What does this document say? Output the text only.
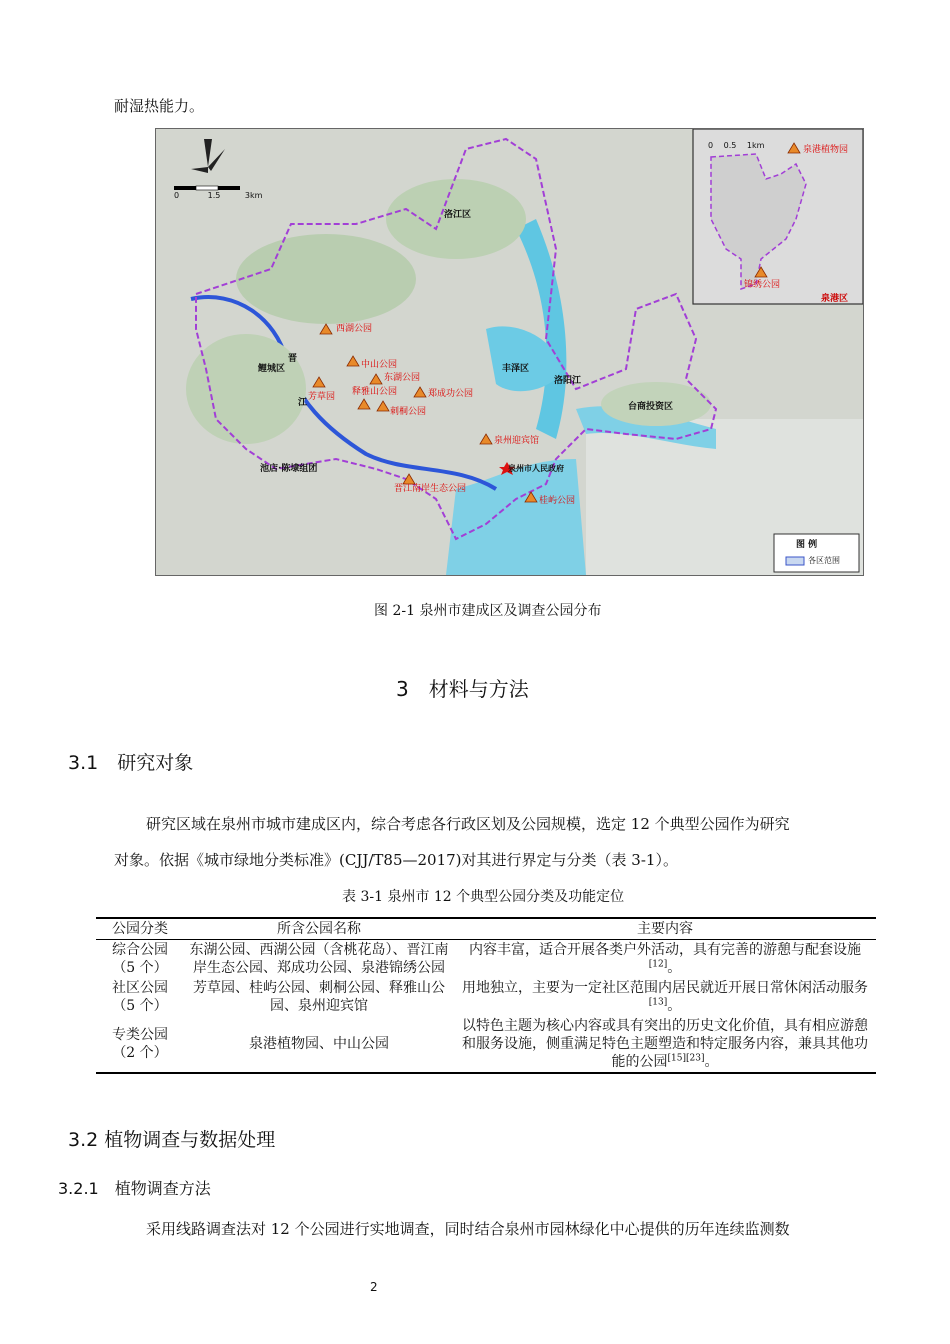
耐湿热能力。
0	1.5	3km
0 0.5 1km
洛江区
丰泽区
鲤城区
晋
江	台商投资区
池店·陈埭组团
泉港区
洛阳江
泉州市人民政府
西湖公园
中山公园
东湖公园
芳草园 释雅山公园	郑成功公园
刺桐公园
泉州迎宾馆
晋江南岸生态公园
桂屿公园
泉港植物园
锦绣公园
图 例
各区范围
图 2-1 泉州市建成区及调查公园分布
3　材料与方法
3.1　研究对象
研究区域在泉州市城市建成区内，综合考虑各行政区划及公园规模，选定 12 个典型公园作为研究
对象。依据《城市绿地分类标准》(CJJ/T85—2017)对其进行界定与分类（表 3-1）。
表 3-1 泉州市 12 个典型公园分类及功能定位
公园分类	所含公园名称	主要内容
综合公园
（5 个）	东湖公园、西湖公园（含桃花岛）、晋江南岸生态公园、郑成功公园、泉港锦绣公园	内容丰富，适合开展各类户外活动，具有完善的游憩与配套设施[12]。
社区公园
（5 个）	芳草园、桂屿公园、刺桐公园、释雅山公园、泉州迎宾馆	用地独立，主要为一定社区范围内居民就近开展日常休闲活动服务[13]。
专类公园
（2 个）	泉港植物园、中山公园	以特色主题为核心内容或具有突出的历史文化价值，具有相应游憩和服务设施，侧重满足特色主题塑造和特定服务内容，兼具其他功能的公园[15][23]。
3.2 植物调查与数据处理
3.2.1　植物调查方法
采用线路调查法对 12 个公园进行实地调查，同时结合泉州市园林绿化中心提供的历年连续监测数
2
